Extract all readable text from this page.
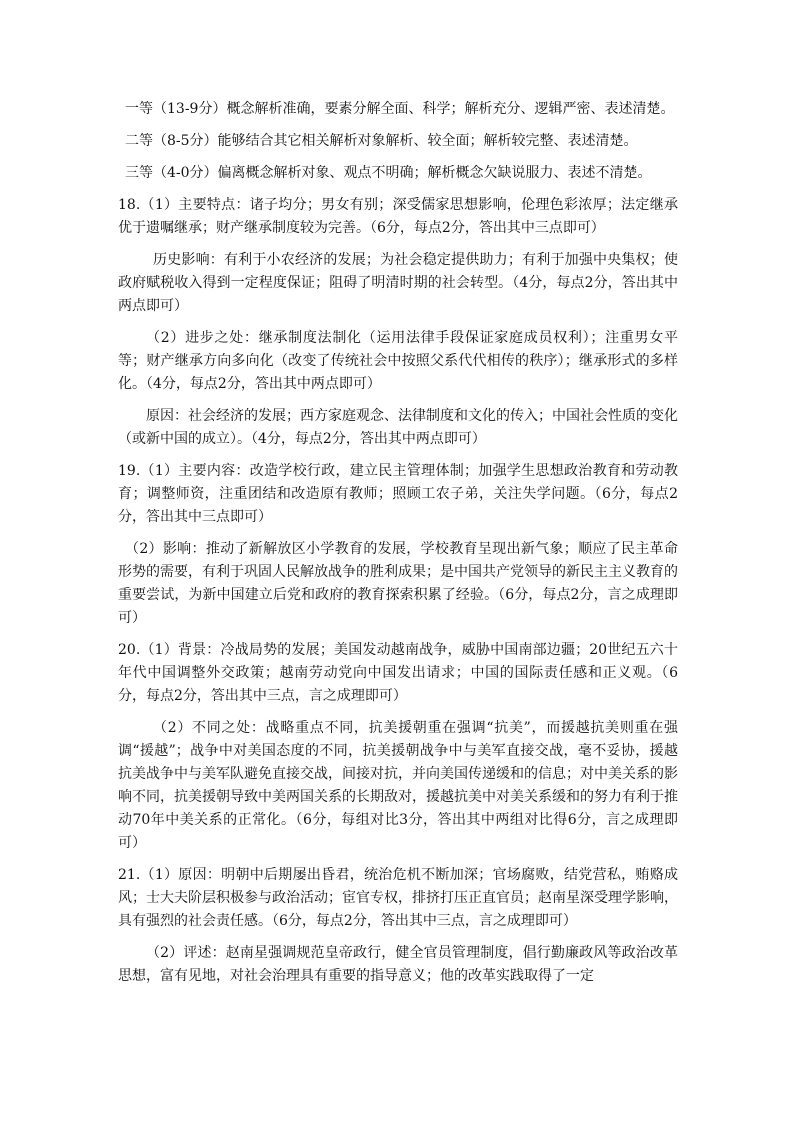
一等（13-9分）概念解析准确，要素分解全面、科学；解析充分、逻辑严密、表述清楚。

二等（8-5分）能够结合其它相关解析对象解析、较全面；解析较完整、表述清楚。

三等（4-0分）偏离概念解析对象、观点不明确；解析概念欠缺说服力、表述不清楚。

18.（1）主要特点：诸子均分；男女有别；深受儒家思想影响，伦理色彩浓厚；法定继承优于遗嘱继承；财产继承制度较为完善。（6分，每点2分，答出其中三点即可）

历史影响：有利于小农经济的发展；为社会稳定提供助力；有利于加强中央集权；使政府赋税收入得到一定程度保证；阻碍了明清时期的社会转型。（4分，每点2分，答出其中两点即可）

（2）进步之处：继承制度法制化（运用法律手段保证家庭成员权利）；注重男女平等；财产继承方向多向化（改变了传统社会中按照父系代代相传的秩序）；继承形式的多样化。（4分，每点2分，答出其中两点即可）

原因：社会经济的发展；西方家庭观念、法律制度和文化的传入；中国社会性质的变化（或新中国的成立）。（4分，每点2分，答出其中两点即可）

19.（1）主要内容：改造学校行政，建立民主管理体制；加强学生思想政治教育和劳动教育；调整师资，注重团结和改造原有教师；照顾工农子弟，关注失学问题。（6分，每点2分，答出其中三点即可）

（2）影响：推动了新解放区小学教育的发展，学校教育呈现出新气象；顺应了民主革命形势的需要，有利于巩固人民解放战争的胜利成果；是中国共产党领导的新民主主义教育的重要尝试，为新中国建立后党和政府的教育探索积累了经验。（6分，每点2分，言之成理即可）

20.（1）背景：冷战局势的发展；美国发动越南战争，威胁中国南部边疆；20世纪五六十年代中国调整外交政策；越南劳动党向中国发出请求；中国的国际责任感和正义观。（6分，每点2分，答出其中三点，言之成理即可）

（2）不同之处：战略重点不同，抗美援朝重在强调“抗美”，而援越抗美则重在强调“援越”；战争中对美国态度的不同，抗美援朝战争中与美军直接交战，毫不妥协，援越抗美战争中与美军队避免直接交战，间接对抗，并向美国传递缓和的信息；对中美关系的影响不同，抗美援朝导致中美两国关系的长期敌对，援越抗美中对美关系缓和的努力有利于推动70年中美关系的正常化。（6分，每组对比3分，答出其中两组对比得6分，言之成理即可）

21.（1）原因：明朝中后期屡出昏君，统治危机不断加深；官场腐败，结党营私，贿赂成风；士大夫阶层积极参与政治活动；宦官专权，排挤打压正直官员；赵南星深受理学影响，具有强烈的社会责任感。（6分，每点2分，答出其中三点，言之成理即可）

（2）评述：赵南星强调规范皇帝政行，健全官员管理制度，倡行勤廉政风等政治改革思想，富有见地，对社会治理具有重要的指导意义；他的改革实践取得了一定
